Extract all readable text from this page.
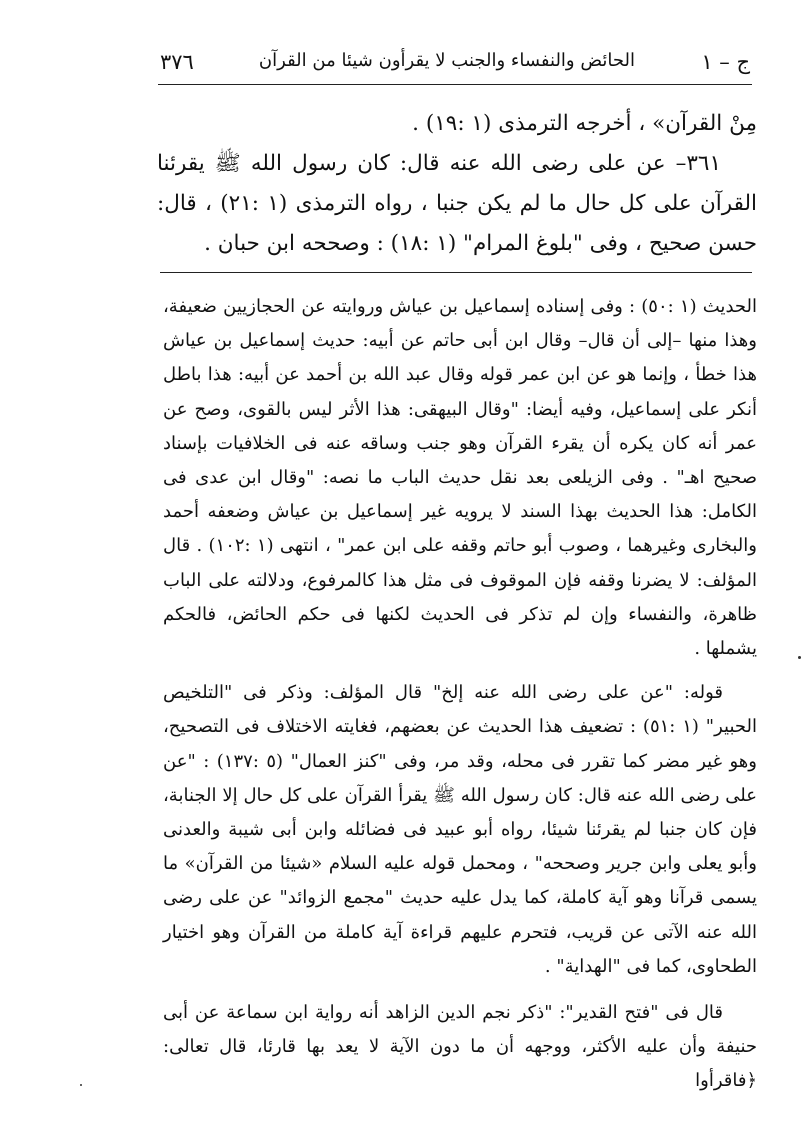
ج – ١
الحائض والنفساء والجنب لا يقرأون شيئا من القرآن
٣٧٦

مِنْ القرآن» ، أخرجه الترمذى (١ :١٩) .

٣٦١– عن على رضى الله عنه قال: كان رسول الله ﷺ يقرئنا القرآن على كل حال ما لم يكن جنبا ، رواه الترمذى (١ :٢١) ، قال: حسن صحيح ، وفى "بلوغ المرام" (١ :١٨) : وصححه ابن حبان .

الحديث (١ :٥٠) : وفى إسناده إسماعيل بن عياش وروايته عن الحجازيين ضعيفة، وهذا منها –إلى أن قال– وقال ابن أبى حاتم عن أبيه: حديث إسماعيل بن عياش هذا خطأ ، وإنما هو عن ابن عمر قوله وقال عبد الله بن أحمد عن أبيه: هذا باطل أنكر على إسماعيل، وفيه أيضا: "وقال البيهقى: هذا الأثر ليس بالقوى، وصح عن عمر أنه كان يكره أن يقرء القرآن وهو جنب وساقه عنه فى الخلافيات بإسناد صحيح اهـ" . وفى الزيلعى بعد نقل حديث الباب ما نصه: "وقال ابن عدى فى الكامل: هذا الحديث بهذا السند لا يرويه غير إسماعيل بن عياش وضعفه أحمد والبخارى وغيرهما ، وصوب أبو حاتم وقفه على ابن عمر" ، انتهى (١ :١٠٢) . قال المؤلف: لا يضرنا وقفه فإن الموقوف فى مثل هذا كالمرفوع، ودلالته على الباب ظاهرة، والنفساء وإن لم تذكر فى الحديث لكنها فى حكم الحائض، فالحكم يشملها .

قوله: "عن على رضى الله عنه إلخ" قال المؤلف: وذكر فى "التلخيص الحبير" (١ :٥١) : تضعيف هذا الحديث عن بعضهم، فغايته الاختلاف فى التصحيح، وهو غير مضر كما تقرر فى محله، وقد مر، وفى "كنز العمال" (٥ :١٣٧) : "عن على رضى الله عنه قال: كان رسول الله ﷺ يقرأ القرآن على كل حال إلا الجنابة، فإن كان جنبا لم يقرئنا شيئا، رواه أبو عبيد فى فضائله وابن أبى شيبة والعدنى وأبو يعلى وابن جرير وصححه" ، ومحمل قوله عليه السلام «شيئا من القرآن» ما يسمى قرآنا وهو آية كاملة، كما يدل عليه حديث "مجمع الزوائد" عن على رضى الله عنه الآتى عن قريب، فتحرم عليهم قراءة آية كاملة من القرآن وهو اختيار الطحاوى، كما فى "الهداية" .

قال فى "فتح القدير": "ذكر نجم الدين الزاهد أنه رواية ابن سماعة عن أبى حنيفة وأن عليه الأكثر، ووجهه أن ما دون الآية لا يعد بها قارئا، قال تعالى: ﴿فاقرأوا
